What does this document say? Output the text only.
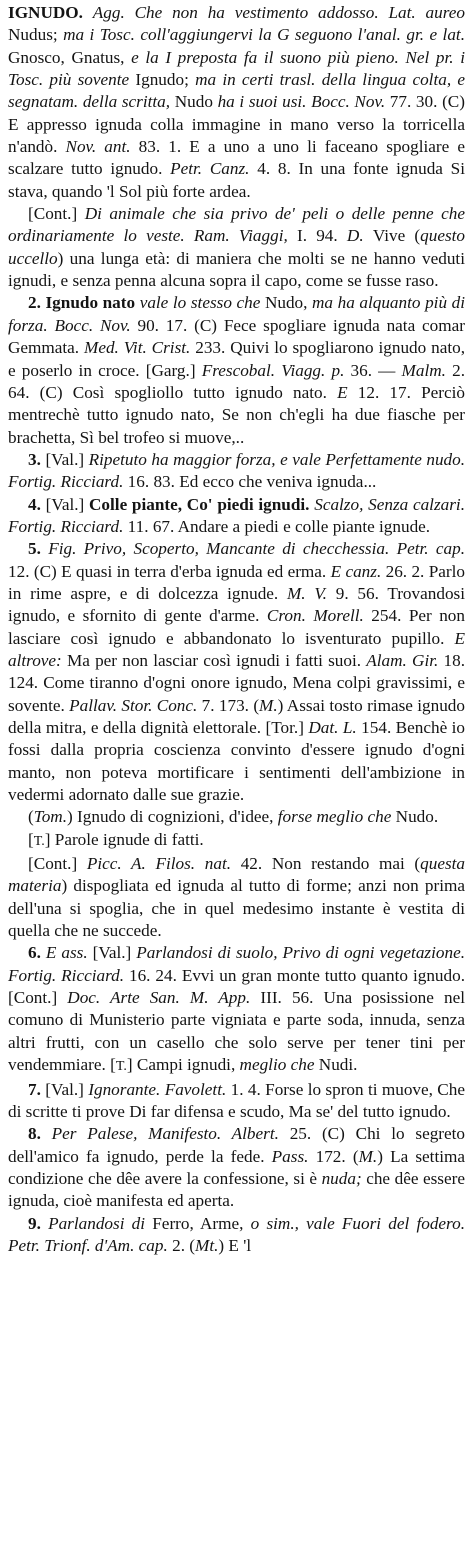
IGNUDO. Agg. Che non ha vestimento addosso. Lat. aureo Nudus; ma i Tosc. coll'aggiungervi la G seguono l'anal. gr. e lat. Gnosco, Gnatus, e la I preposta fa il suono più pieno. Nel pr. i Tosc. più sovente Ignudo; ma in certi trasl. della lingua colta, e segnatam. della scritta, Nudo ha i suoi usi. Bocc. Nov. 77. 30. (C) E appresso ignuda colla immagine in mano verso la torricella n'andò. Nov. ant. 83. 1. E a uno a uno li faceano spogliare e scalzare tutto ignudo. Petr. Canz. 4. 8. In una fonte ignuda Si stava, quando 'l Sol più forte ardea.

[Cont.] Di animale che sia privo de' peli o delle penne che ordinariamente lo veste. Ram. Viaggi, I. 94. D. Vive (questo uccello) una lunga età: di maniera che molti se ne hanno veduti ignudi, e senza penna alcuna sopra il capo, come se fusse raso.

2. Ignudo nato vale lo stesso che Nudo, ma ha alquanto più di forza. Bocc. Nov. 90. 17. (C) Fece spogliare ignuda nata comar Gemmata. Med. Vit. Crist. 233. Quivi lo spogliarono ignudo nato, e poserlo in croce. [Garg.] Frescobal. Viagg. p. 36. — Malm. 2. 64. (C) Così spogliollo tutto ignudo nato. E 12. 17. Perciò mentrechè tutto ignudo nato, Se non ch'egli ha due fiasche per brachetta, Sì bel trofeo si muove,..

3. [Val.] Ripetuto ha maggior forza, e vale Perfettamente nudo. Fortig. Ricciard. 16. 83. Ed ecco che veniva ignuda...

4. [Val.] Colle piante, Co' piedi ignudi. Scalzo, Senza calzari. Fortig. Ricciard. 11. 67. Andare a piedi e colle piante ignude.

5. Fig. Privo, Scoperto, Mancante di checchessia. Petr. cap. 12. (C) E quasi in terra d'erba ignuda ed erma. E canz. 26. 2. Parlo in rime aspre, e di dolcezza ignude. M. V. 9. 56. Trovandosi ignudo, e sfornito di gente d'arme. Cron. Morell. 254. Per non lasciare così ignudo e abbandonato lo isventurato pupillo. E altrove: Ma per non lasciar così ignudi i fatti suoi. Alam. Gir. 18. 124. Come tiranno d'ogni onore ignudo, Mena colpi gravissimi, e sovente. Pallav. Stor. Conc. 7. 173. (M.) Assai tosto rimase ignudo della mitra, e della dignità elettorale. [Tor.] Dat. L. 154. Benchè io fossi dalla propria coscienza convinto d'essere ignudo d'ogni manto, non poteva mortificare i sentimenti dell'ambizione in vedermi adornato dalle sue grazie.

(Tom.) Ignudo di cognizioni, d'idee, forse meglio che Nudo.

[T.] Parole ignude di fatti.

[Cont.] Picc. A. Filos. nat. 42. Non restando mai (questa materia) dispogliata ed ignuda al tutto di forme; anzi non prima dell'una si spoglia, che in quel medesimo instante è vestita di quella che ne succede.

6. E ass. [Val.] Parlandosi di suolo, Privo di ogni vegetazione. Fortig. Ricciard. 16. 24. Evvi un gran monte tutto quanto ignudo. [Cont.] Doc. Arte San. M. App. III. 56. Una posissione nel comuno di Munisterio parte vigniata e parte soda, innuda, senza altri frutti, con un casello che solo serve per tener tini per vendemmiare. [T.] Campi ignudi, meglio che Nudi.

7. [Val.] Ignorante. Favolett. 1. 4. Forse lo spron ti muove, Che di scritte ti prove Di far difensa e scudo, Ma se' del tutto ignudo.

8. Per Palese, Manifesto. Albert. 25. (C) Chi lo segreto dell'amico fa ignudo, perde la fede. Pass. 172. (M.) La settima condizione che dêe avere la confessione, si è nuda; che dêe essere ignuda, cioè manifesta ed aperta.

9. Parlandosi di Ferro, Arme, o sim., vale Fuori del fodero. Petr. Trionf. d'Am. cap. 2. (Mt.) E 'l
